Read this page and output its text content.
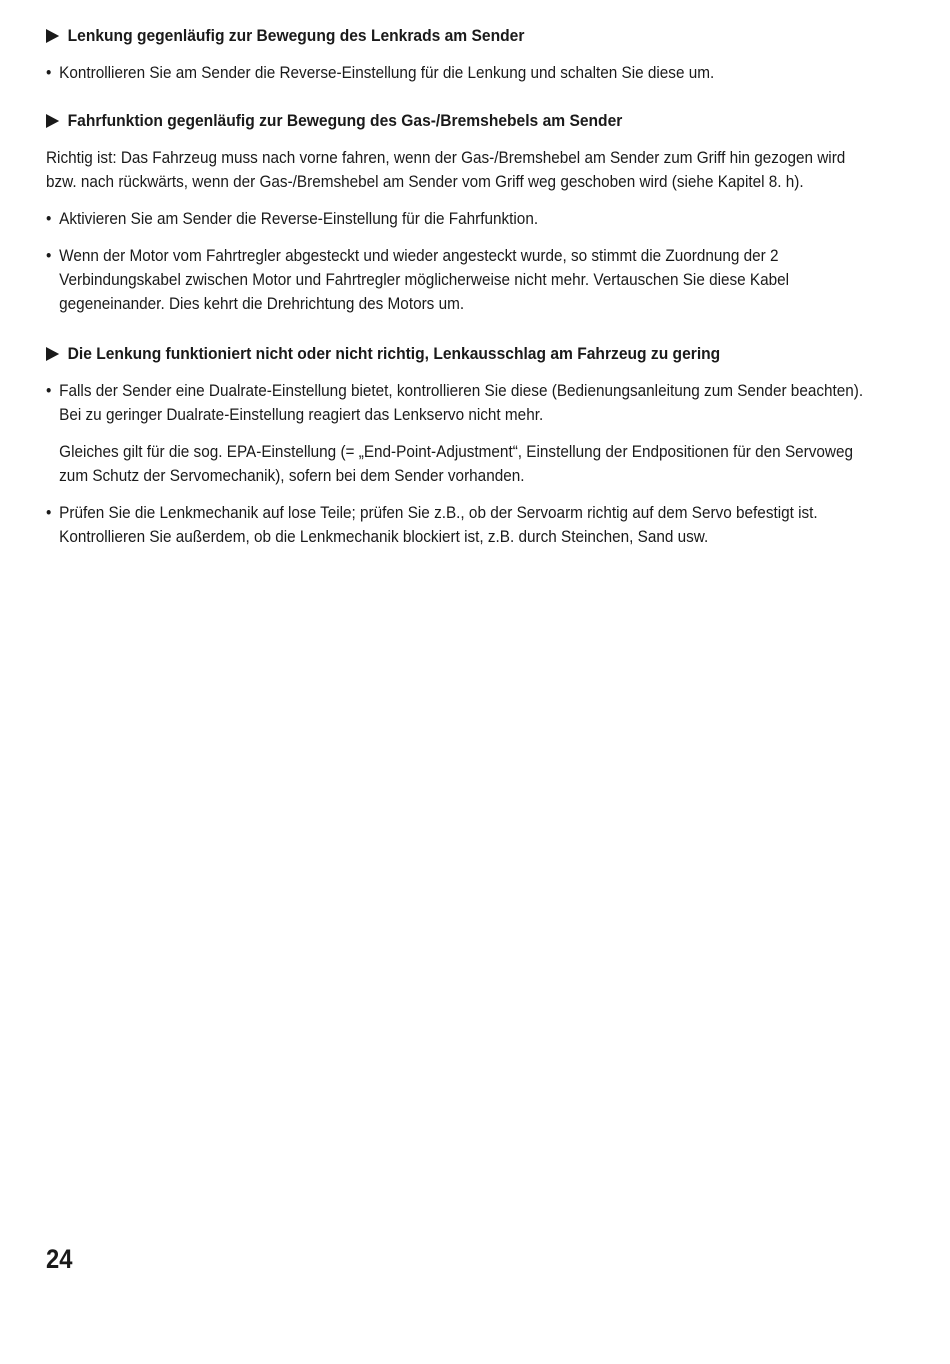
Lenkung gegenläufig zur Bewegung des Lenkrads am Sender
• Kontrollieren Sie am Sender die Reverse-Einstellung für die Lenkung und schalten Sie diese um.
Fahrfunktion gegenläufig zur Bewegung des Gas-/Bremshebels am Sender

Richtig ist: Das Fahrzeug muss nach vorne fahren, wenn der Gas-/Bremshebel am Sender zum Griff hin gezogen wird bzw. nach rückwärts, wenn der Gas-/Bremshebel am Sender vom Griff weg geschoben wird (siehe Kapitel 8. h).

• Aktivieren Sie am Sender die Reverse-Einstellung für die Fahrfunktion.
• Wenn der Motor vom Fahrtregler abgesteckt und wieder angesteckt wurde, so stimmt die Zuordnung der 2 Verbindungskabel zwischen Motor und Fahrtregler möglicherweise nicht mehr. Vertauschen Sie diese Kabel gegeneinander. Dies kehrt die Drehrichtung des Motors um.
Die Lenkung funktioniert nicht oder nicht richtig, Lenkausschlag am Fahrzeug zu gering
• Falls der Sender eine Dualrate-Einstellung bietet, kontrollieren Sie diese (Bedienungsanleitung zum Sender beachten). Bei zu geringer Dualrate-Einstellung reagiert das Lenkservo nicht mehr.

Gleiches gilt für die sog. EPA-Einstellung (= „End-Point-Adjustment“, Einstellung der Endpositionen für den Servoweg zum Schutz der Servomechanik), sofern bei dem Sender vorhanden.

• Prüfen Sie die Lenkmechanik auf lose Teile; prüfen Sie z.B., ob der Servoarm richtig auf dem Servo befestigt ist. Kontrollieren Sie außerdem, ob die Lenkmechanik blockiert ist, z.B. durch Steinchen, Sand usw.
24
